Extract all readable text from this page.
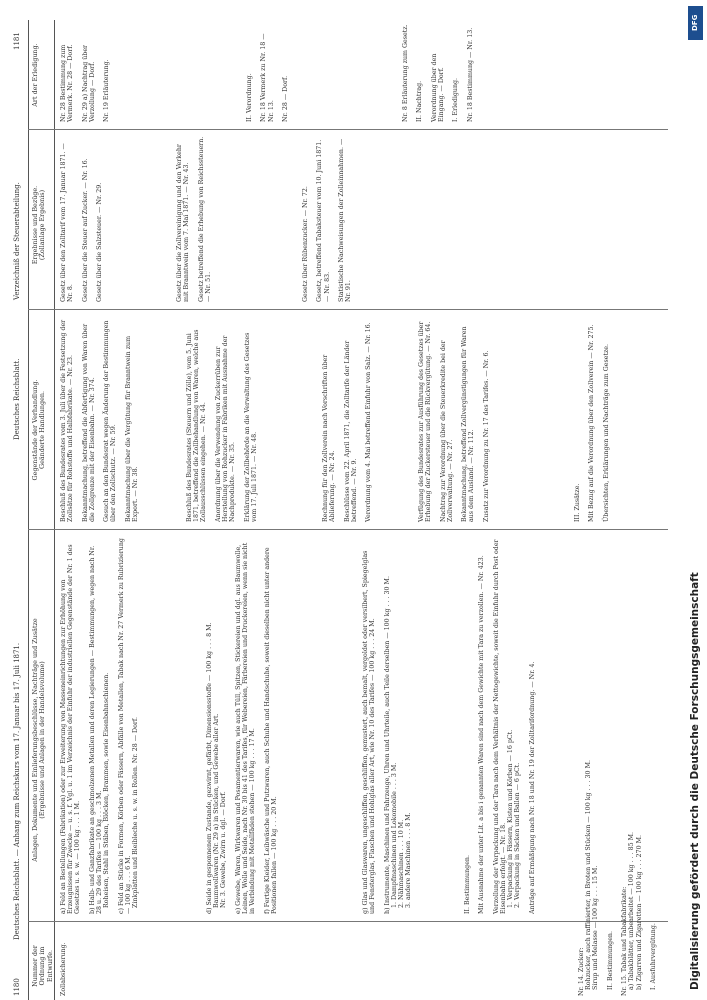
1180
Deutsches Reichsblatt. — Anhang zum Reichskurs vom 17. Januar bis 17. Juli 1871.
Deutsches Reichsblatt.
Verzeichniß der Steuerabteilung.
1181
Nummer der Ordnung im Entwurfe.
Anlagen, Dokumente und Einlieferungsbeschlüsse, Nachträge und Zusätze (Ergebnisse und Anlagen in der Handelsvolume)
Gegenstände der Verhandlung. Geänderte Handlungen.
Ergebnisse und Bezüge. (Zollanlage Ergebnis)
Art der Erledigung.
Zollabsicherung.
a) Feld an Bestellungen (Fabrikation) oder zur Erweiterung von Masseneinrichtungen zur Erhöhung von Erzeugnissen für Zwecke — u. s. f. Vgl. u. 1 im Verzeichnis der Einfuhr der industriellen Gegenstände der Nr. 1 des Gesetzes u. s. w. — 100 kg . . . 1 M.

b) Halb- und Ganzfabrikate an geschmolzenen Metallen und deren Legierungen — Bestimmungen, wegen nach Nr. 28 u. 29 des Tarifes — 100 kg . . . 3 M.
Roheisen, Stahl in Stäben, Blöcken, Brammen, sowie Eisenbahnschienen.

c) Feld an Stücke in Formen, Körben oder Fässern, Abfälle von Metallen, Tabak nach Nr. 27 Vermerk zu Rubrizierung — 100 kg . . . 6 M.
Zinkplatten und Bleibleche u. s. w. in Rollen. Nr. 28 — Dorf.
d) Seide in gesponnenem Zustande, gezwirnt, gefärbt, Dimensionsstoffe — 100 kg . . . 8 M.
Baumwollwaren (Nr. 29 a) in Stücken, und Gewebe aller Art.
Nr. 3. Gewebe, Zwirn u. dgl. — Dorf.

e) Gewebe, Waren, Wirkwaren und Posamentierwaren, wie auch Tüll, Spitzen, Stickereien und dgl. aus Baumwolle, Leinen, Wolle und Seide, nach Nr. 30 bis 41 des Tarifes, für Webereien, Färbereien und Druckereien, wenn sie nicht in Verbindung mit Metallfäden stehen — 100 kg . . . 17 M.

f) Fertige Kleider, Leibwäsche und Putzwaren, auch Schuhe und Handschuhe, soweit dieselben nicht unter andere Positionen fallen — 100 kg . . . 20 M.
g) Glas und Glaswaren, ungeschliffen, geschliffen, gemustert, auch bemalt, vergoldet oder versilbert, Spiegelglas und Fensterglas, Flaschen und Hohlglas aller Art, wie Nr. 10 des Tarifes — 100 kg . . . 24 M.

h) Instrumente, Maschinen und Fahrzeuge, Uhren und Uhrteile, auch Teile derselben — 100 kg . . . 30 M.
1. Dampfmaschinen und Lokomobile . . . 3 M.
2. Nähmaschinen . . . 10 M.
3. andere Maschinen . . . 8 M.
II. Bestimmungen.

Mit Ausnahme der unter Lit. a bis i genannten Waren sind nach dem Gewichte mit Tara zu verzollen. — Nr. 423.

Verzollung der Verpackung und der Tara nach dem Verhältnis der Nettogewichte, soweit die Einfuhr durch Post oder Eisenbahn erfolgt. — Nr. 18.
1. Verpackung in Fässern, Kisten und Körben — 16 pCt.
2. Verpackung in Säcken und Ballen — 6 pCt.

Anträge auf Ermäßigung nach Nr. 18 und Nr. 19 der Zolltarifordnung. — Nr. 4.
Nr. 14. Zucker:
Rohzucker, auch raffinierter, in Broten und Stücken — 100 kg . . . 30 M.
Sirup und Melasse — 100 kg . . . 15 M.

II. Bestimmungen.

Nr. 15. Tabak und Tabakfabrikate:
a) Tabakblätter, unbearbeitet — 100 kg . . . 85 M.
b) Zigarren und Zigaretten — 100 kg . . . 270 M.

I. Ausfuhrvergütung.
Beschluß des Bundesrates vom 3. Juli über die Festsetzung der Zollsätze für Rohstoffe und Halbfabrikate. — Nr. 23.

Bekanntmachung, betreffend die Abfertigung von Waren über die Zollgrenze mit der Eisenbahn. — Nr. 374.

Gesuch an den Bundesrat wegen Änderung der Bestimmungen über den Zollschutz. — Nr. 59.

Bekanntmachung über die Vergütung für Branntwein zum Export. — Nr. 38.
Beschluß des Bundesrates (Steuern und Zölle), vom 5. Juni 1871, betreffend die Zollbehandlung von Waren, welche aus Zollausschlüssen eingehen. — Nr. 44.

Anordnung über die Verwendung von Zuckerrüben zur Herstellung von Rohzucker in Fabriken mit Ausnahme der Nachprodukte. — Nr. 35.

Erklärung der Zollbehörde an die Verwaltung des Gesetzes vom 17. Juli 1871. — Nr. 48.
Rechnung für den Zollverein nach Vorschriften über Ablieferung. — Nr. 24.

Beschlüsse vom 22. April 1871, die Zolltarife der Länder betreffend. — Nr. 9.

Verordnung vom 4. Mai betreffend Einfuhr von Salz. — Nr. 16.
Verfügung des Bundesrates zur Ausführung des Gesetzes über Erhebung der Zuckersteuer und die Rückvergütung. — Nr. 64.

Nachtrag zur Verordnung über die Steuerkredite bei der Zollverwaltung. — Nr. 27.

Bekanntmachung, betreffend Zollvergünstigungen für Waren aus dem Ausland. — Nr. 112.

Zusatz zur Verordnung zu Nr. 17 des Tarifes. — Nr. 6.
III. Zusätze.

Mit Bezug auf die Verordnung über den Zollverein — Nr. 275.

Übersichten, Erklärungen und Nachträge zum Gesetze.
Gesetz über den Zolltarif vom 17. Januar 1871. — Nr. 8.

Gesetz über die Steuer auf Zucker. — Nr. 16.

Gesetz über die Salzsteuer. — Nr. 29.
Gesetz über die Zollvereinigung und den Verkehr mit Branntwein vom 7. Mai 1871. — Nr. 43.

Gesetz betreffend die Erhebung von Reichssteuern. — Nr. 51.
Gesetz über Rübenzucker. — Nr. 72.

Gesetz, betreffend Tabaksteuer vom 10. Juni 1871. — Nr. 83.

Statistische Nachweisungen der Zolleinnahmen. — Nr. 91.
Nr. 28 Bestimmung zum Vermerk. Nr. 28 — Dorf.

Nr. 29 a) Nachtrag über Verzollung — Dorf.

Nr. 19 Erläuterung.
II. Verordnung.

Nr. 18 Vermerk zu Nr. 18 — Nr. 13.

Nr. 28 — Dorf.
Nr. 8 Erläuterung zum Gesetz.

II. Nachtrag.

Verordnung über den Eingang. — Dorf.

I. Erledigung.

Nr. 18 Bestimmung — Nr. 13.
Digitalisierung gefördert durch die Deutsche Forschungsgemeinschaft
DFG
